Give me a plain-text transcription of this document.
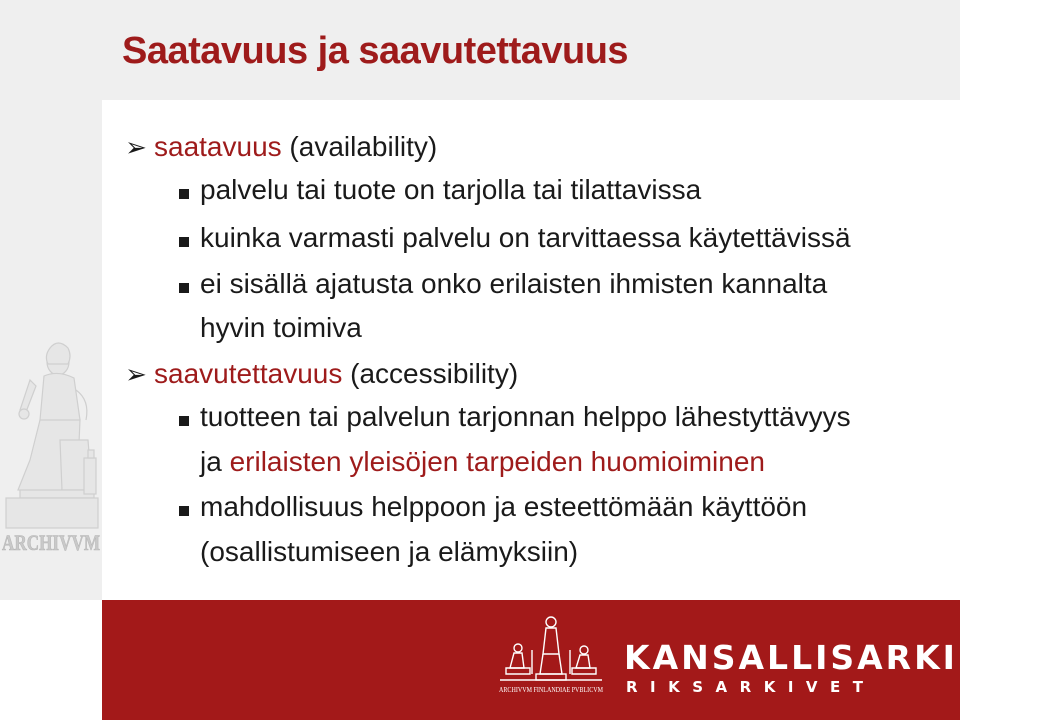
ARCHIVVM
Saatavuus ja saavutettavuus
➢ saatavuus (availability)
palvelu tai tuote on tarjolla tai tilattavissa
kuinka varmasti palvelu on tarvittaessa käytettävissä
ei sisällä ajatusta onko erilaisten ihmisten kannalta
hyvin toimiva
➢ saavutettavuus (accessibility)
tuotteen tai palvelun tarjonnan helppo lähestyttävyys
ja erilaisten yleisöjen tarpeiden huomioiminen
mahdollisuus helppoon ja esteettömään käyttöön
(osallistumiseen ja elämyksiin)
ARCHIVVM FINLANDIAE PVBLICVM
KANSALLISARKISTO
RIKSARKIVET
